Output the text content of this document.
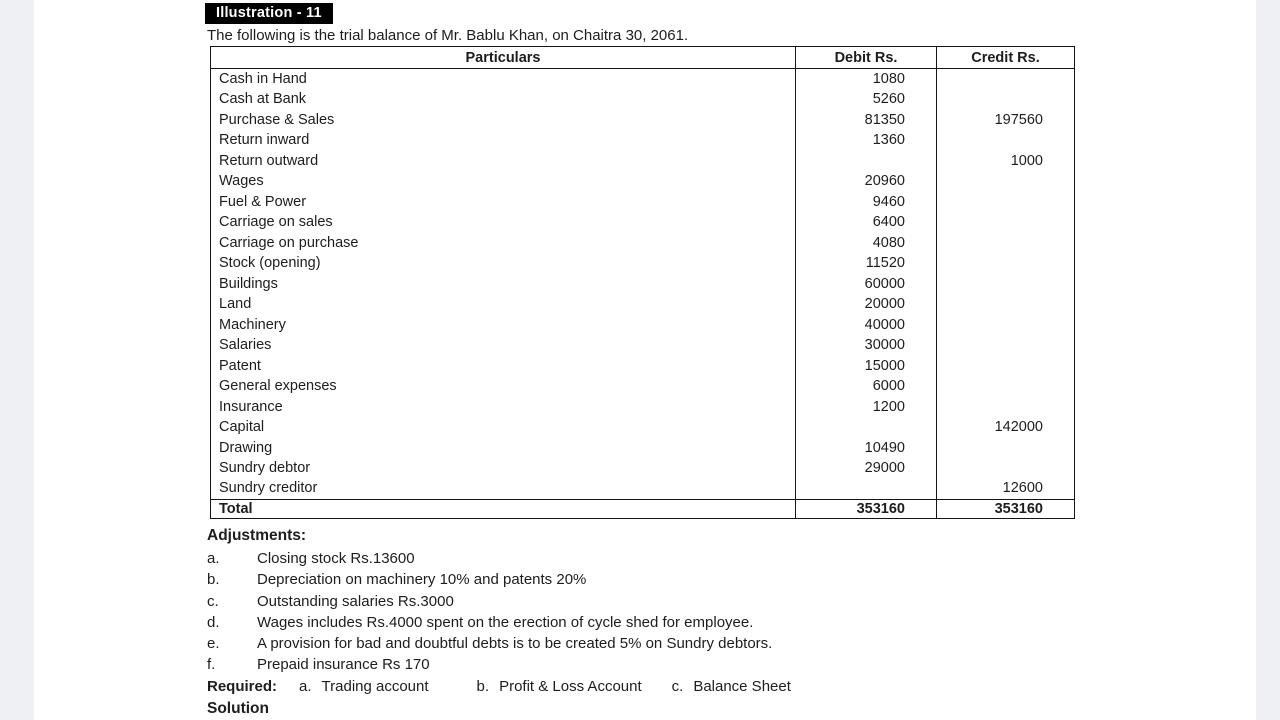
Illustration - 11
The following is the trial balance of Mr. Bablu Khan, on Chaitra 30, 2061.
Particulars	Debit Rs.	Credit Rs.
Cash in Hand	1080	
Cash at Bank	5260	
Purchase & Sales	81350	197560
Return inward	1360	
Return outward		1000
Wages	20960	
Fuel & Power	9460	
Carriage on sales	6400	
Carriage on purchase	4080	
Stock (opening)	11520	
Buildings	60000	
Land	20000	
Machinery	40000	
Salaries	30000	
Patent	15000	
General expenses	6000	
Insurance	1200	
Capital		142000
Drawing	10490	
Sundry debtor	29000	
Sundry creditor		12600
Total	353160	353160
Adjustments:
a. Closing stock Rs.13600
b. Depreciation on machinery 10% and patents 20%
c.	Outstanding salaries Rs.3000
d. Wages includes Rs.4000 spent on the erection of cycle shed for employee.
e. A provision for bad and doubtful debts is to be created 5% on Sundry debtors.
f.	Prepaid insurance Rs 170
Required: a. Trading account	b. Profit & Loss Account c. Balance Sheet
Solution
